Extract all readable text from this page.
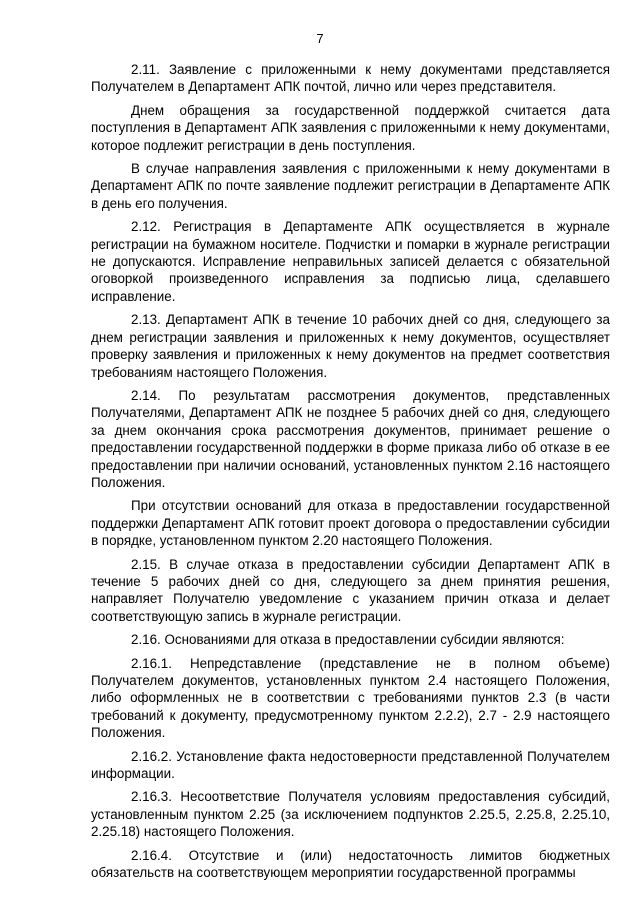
7

2.11. Заявление с приложенными к нему документами представляется Получателем в Департамент АПК почтой, лично или через представителя.

Днем обращения за государственной поддержкой считается дата поступления в Департамент АПК заявления с приложенными к нему документами, которое подлежит регистрации в день поступления.

В случае направления заявления с приложенными к нему документами в Департамент АПК по почте заявление подлежит регистрации в Департаменте АПК в день его получения.

2.12. Регистрация в Департаменте АПК осуществляется в журнале регистрации на бумажном носителе. Подчистки и помарки в журнале регистрации не допускаются. Исправление неправильных записей делается с обязательной оговоркой произведенного исправления за подписью лица, сделавшего исправление.

2.13. Департамент АПК в течение 10 рабочих дней со дня, следующего за днем регистрации заявления и приложенных к нему документов, осуществляет проверку заявления и приложенных к нему документов на предмет соответствия требованиям настоящего Положения.

2.14. По результатам рассмотрения документов, представленных Получателями, Департамент АПК не позднее 5 рабочих дней со дня, следующего за днем окончания срока рассмотрения документов, принимает решение о предоставлении государственной поддержки в форме приказа либо об отказе в ее предоставлении при наличии оснований, установленных пунктом 2.16 настоящего Положения.

При отсутствии оснований для отказа в предоставлении государственной поддержки Департамент АПК готовит проект договора о предоставлении субсидии в порядке, установленном пунктом 2.20 настоящего Положения.

2.15. В случае отказа в предоставлении субсидии Департамент АПК в течение 5 рабочих дней со дня, следующего за днем принятия решения, направляет Получателю уведомление с указанием причин отказа и делает соответствующую запись в журнале регистрации.

2.16. Основаниями для отказа в предоставлении субсидии являются:

2.16.1. Непредставление (представление не в полном объеме) Получателем документов, установленных пунктом 2.4 настоящего Положения, либо оформленных не в соответствии с требованиями пунктов 2.3 (в части требований к документу, предусмотренному пунктом 2.2.2), 2.7 - 2.9 настоящего Положения.

2.16.2. Установление факта недостоверности представленной Получателем информации.

2.16.3. Несоответствие Получателя условиям предоставления субсидий, установленным пунктом 2.25 (за исключением подпунктов 2.25.5, 2.25.8, 2.25.10, 2.25.18) настоящего Положения.

2.16.4. Отсутствие и (или) недостаточность лимитов бюджетных обязательств на соответствующем мероприятии государственной программы
